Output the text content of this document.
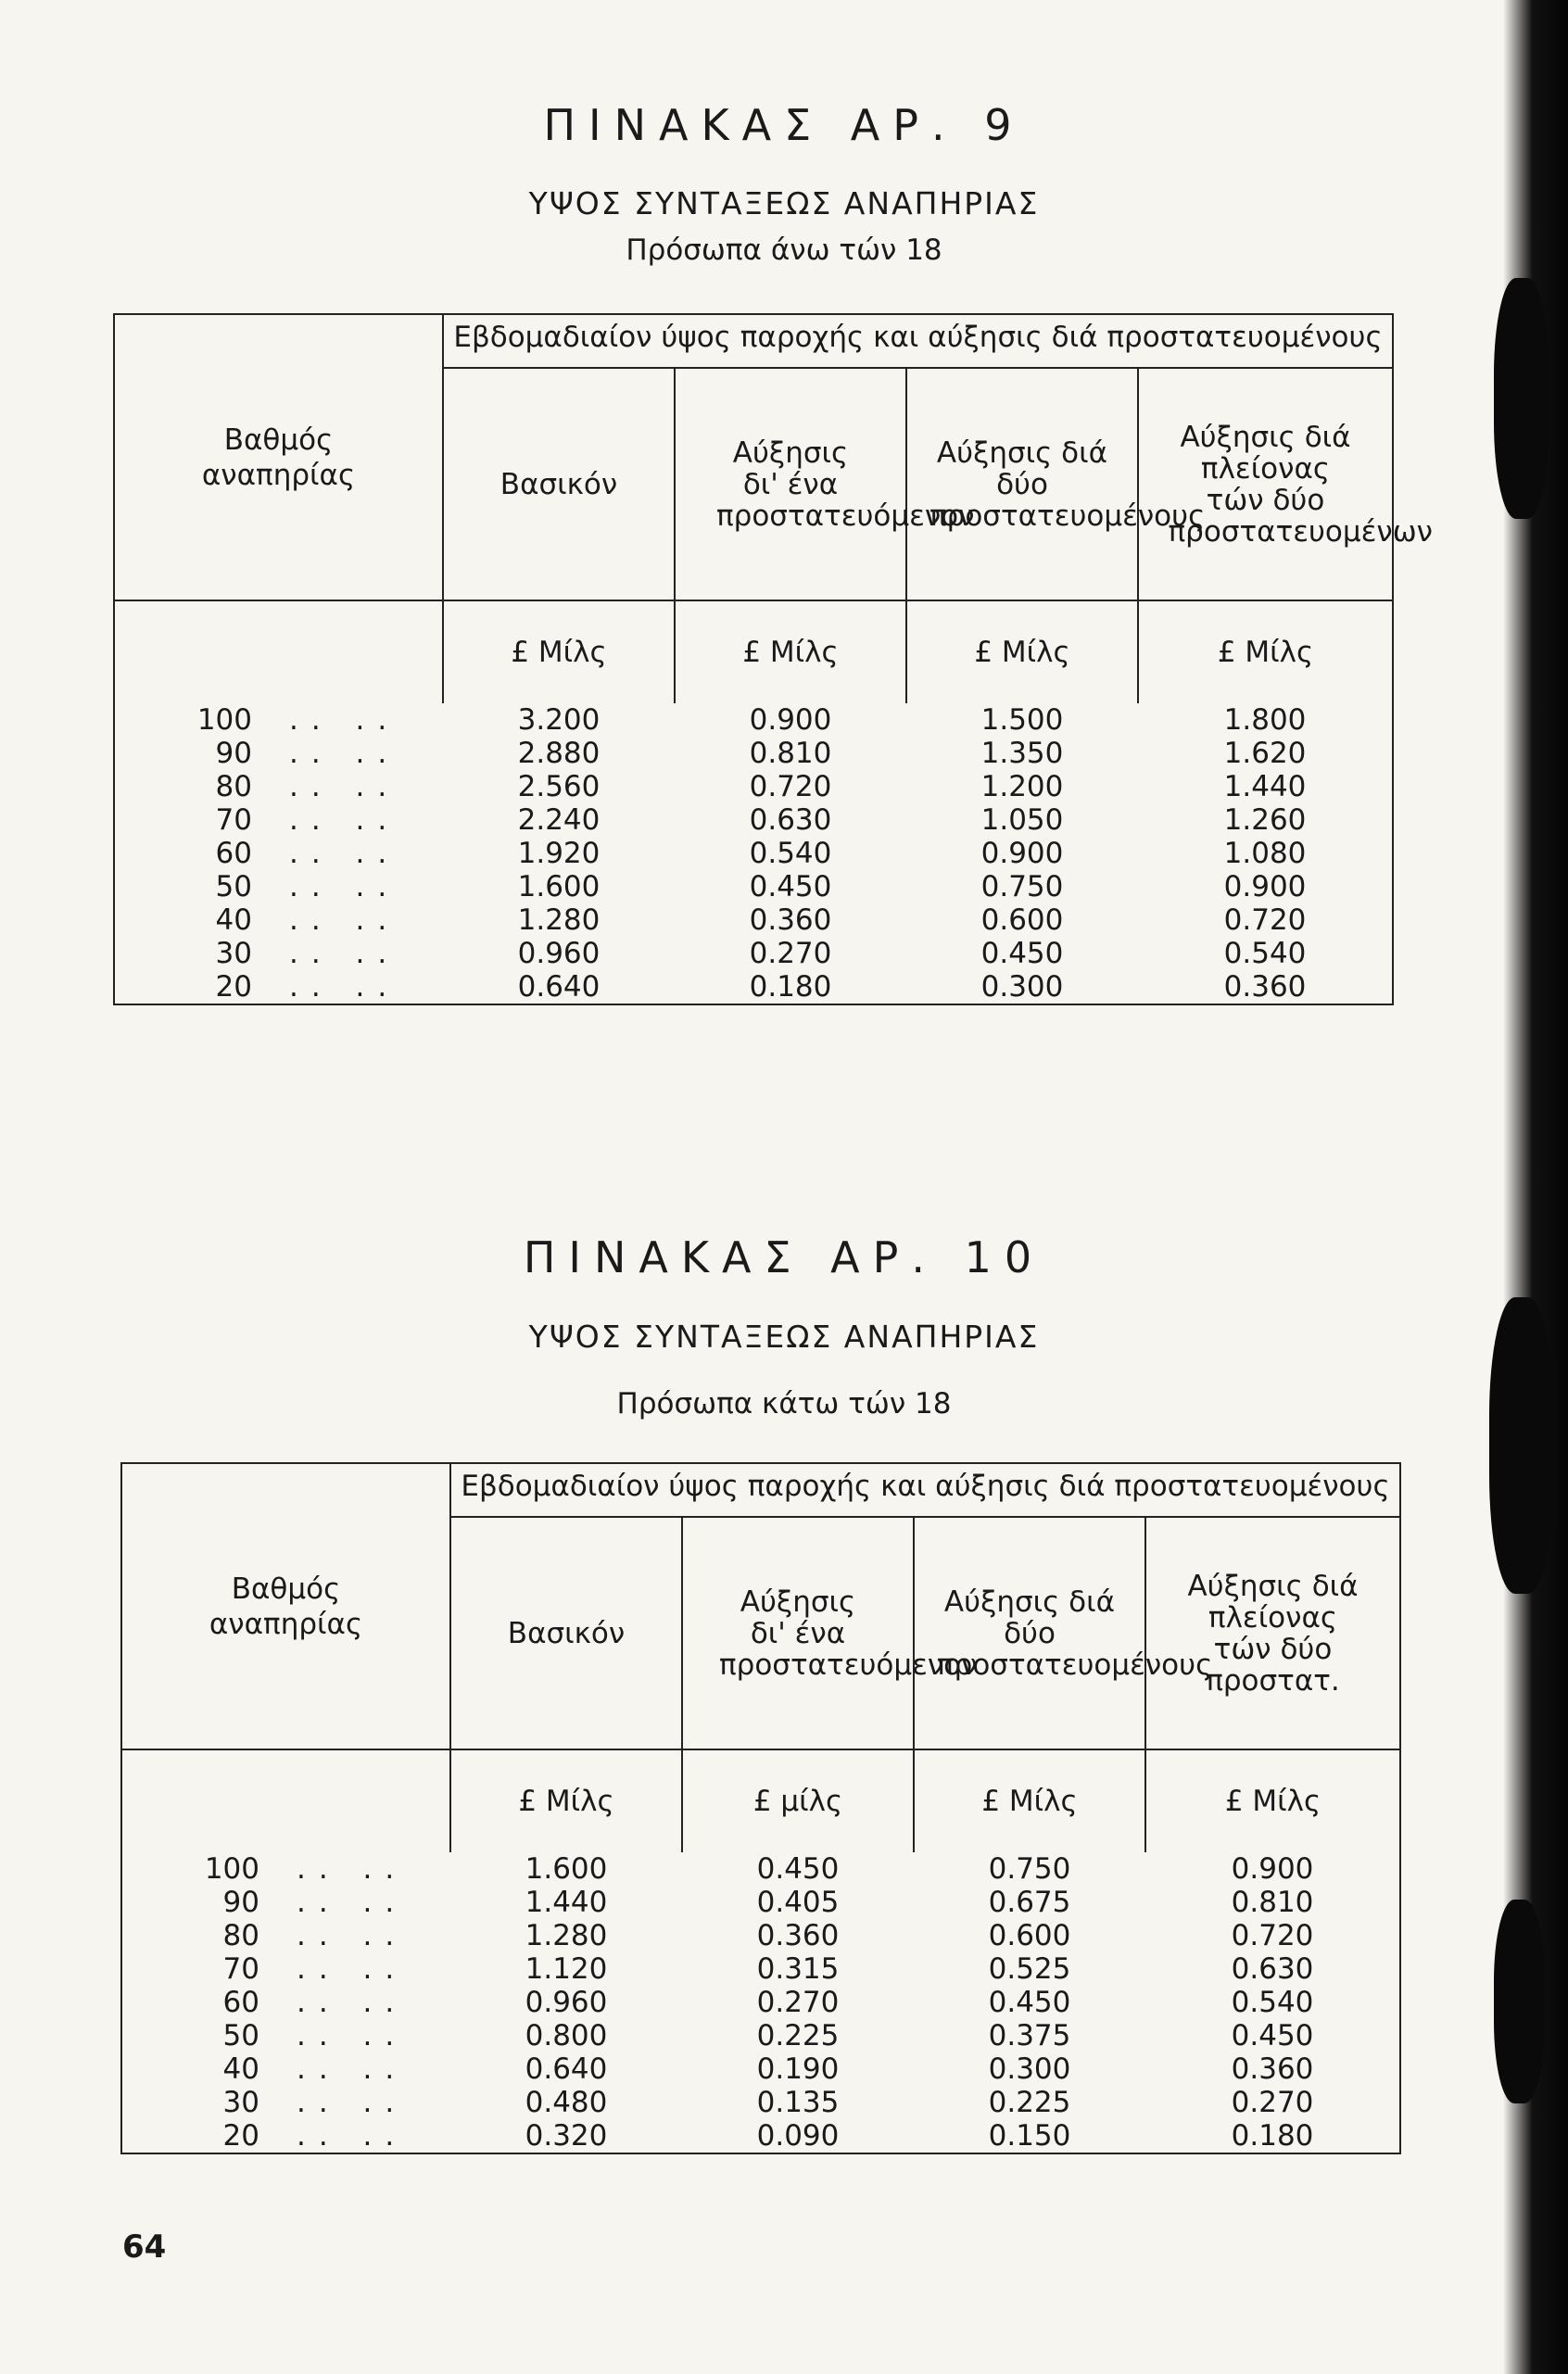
ΠΙΝΑΚΑΣ ΑΡ. 9
ΥΨΟΣ ΣΥΝΤΑΞΕΩΣ ΑΝΑΠΗΡΙΑΣ
Πρόσωπα άνω τών 18
Βαθμός αναπηρίας	Εβδομαδιαίον ύψος παροχής και αύξησις διά προστατευομένους			
	Βασικόν	Αύξησις δι' ένα προστατευόμενον	Αύξησις διά δύο προστατευομένους	Αύξησις διά πλείονας τών δύο προστατευομένων

	£ Μίλς	£ Μίλς	£ Μίλς	£ Μίλς
100 .. ..	3.200	0.900	1.500	1.800
90 .. ..	2.880	0.810	1.350	1.620
80 .. ..	2.560	0.720	1.200	1.440
70 .. ..	2.240	0.630	1.050	1.260
60 .. ..	1.920	0.540	0.900	1.080
50 .. ..	1.600	0.450	0.750	0.900
40 .. ..	1.280	0.360	0.600	0.720
30 .. ..	0.960	0.270	0.450	0.540
20 .. ..	0.640	0.180	0.300	0.360
ΠΙΝΑΚΑΣ ΑΡ. 10
ΥΨΟΣ ΣΥΝΤΑΞΕΩΣ ΑΝΑΠΗΡΙΑΣ
Πρόσωπα κάτω τών 18
Βαθμός αναπηρίας	Εβδομαδιαίον ύψος παροχής και αύξησις διά προστατευομένους			
	Βασικόν	Αύξησις δι' ένα προστατευόμενον	Αύξησις διά δύο προστατευομένους	Αύξησις διά πλείονας τών δύο προστατ.

	£ Μίλς	£ μίλς	£ Μίλς	£ Μίλς
100 .. ..	1.600	0.450	0.750	0.900
90 .. ..	1.440	0.405	0.675	0.810
80 .. ..	1.280	0.360	0.600	0.720
70 .. ..	1.120	0.315	0.525	0.630
60 .. ..	0.960	0.270	0.450	0.540
50 .. ..	0.800	0.225	0.375	0.450
40 .. ..	0.640	0.190	0.300	0.360
30 .. ..	0.480	0.135	0.225	0.270
20 .. ..	0.320	0.090	0.150	0.180
64
